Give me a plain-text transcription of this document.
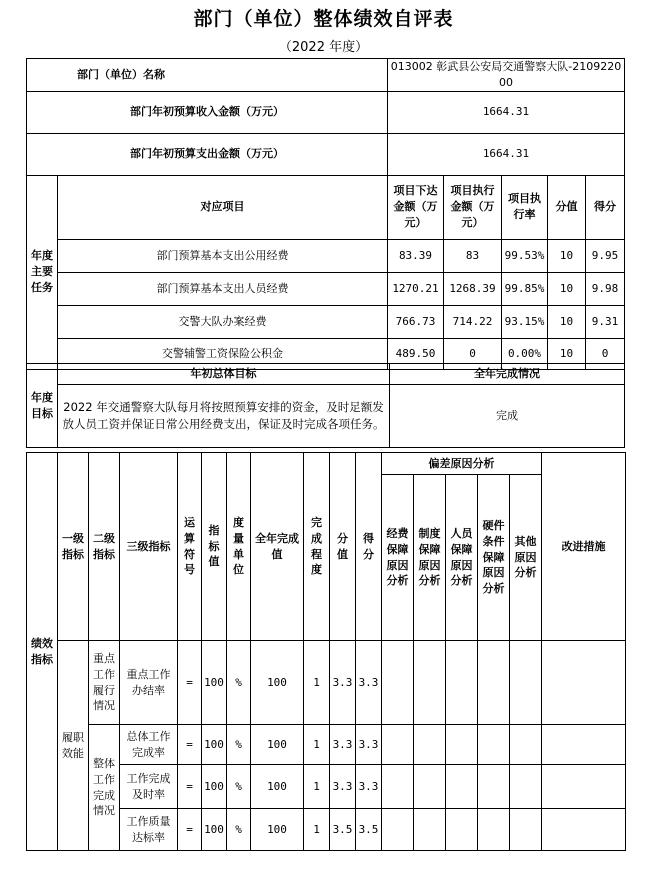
部门（单位）整体绩效自评表
（2022 年度）
部门（单位）名称		013002 彰武县公安局交通警察大队-210922000				
部门年初预算收入金额（万元）		1664.31				
部门年初预算支出金额（万元）		1664.31				
年度主要任务	对应项目	项目下达金额（万元）	项目执行金额（万元）	项目执行率	分值	得分
	部门预算基本支出公用经费	83.39	83	99.53%	10	9.95
	部门预算基本支出人员经费	1270.21	1268.39	99.85%	10	9.98
	交警大队办案经费	766.73	714.22	93.15%	10	9.31
	交警辅警工资保险公积金	489.50	0	0.00%	10	0
年度目标	年初总体目标	全年完成情况
	2022 年交通警察大队每月将按照预算安排的资金，及时足额发放人员工资并保证日常公用经费支出，保证及时完成各项任务。	完成
绩效指标	一级指标	二级指标	三级指标	运算符号	指标值	度量单位	全年完成值	完成程度	分值	得分	偏差原因分析					改进措施
											经费保障原因分析	制度保障原因分析	人员保障原因分析	硬件条件保障原因分析	其他原因分析	
	履职效能	重点工作履行情况	重点工作办结率	=	100	%	100	1	3.3	3.3						
		整体工作完成情况	总体工作完成率	=	100	%	100	1	3.3	3.3						
			工作完成及时率	=	100	%	100	1	3.3	3.3						
			工作质量达标率	=	100	%	100	1	3.5	3.5						
